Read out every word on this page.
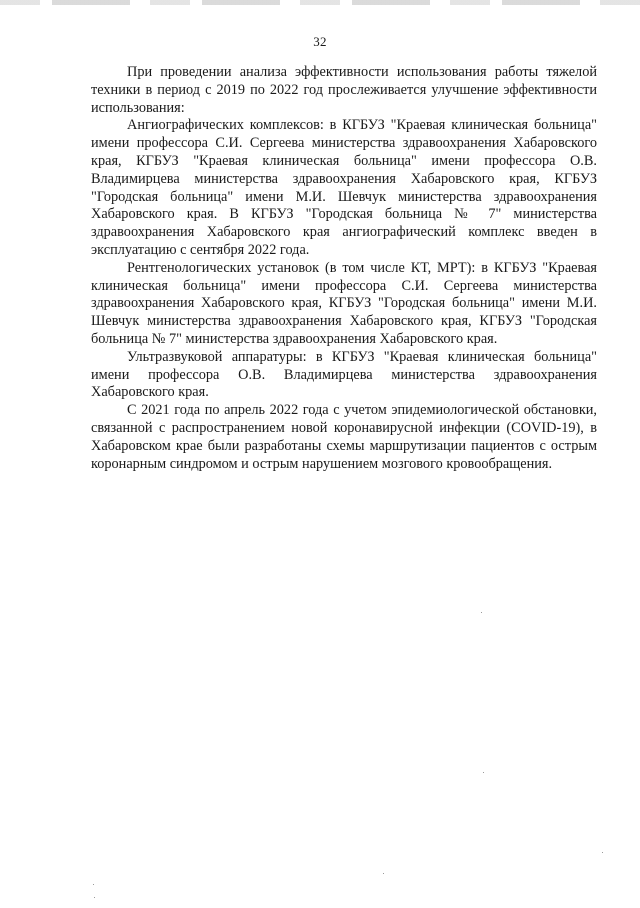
32

При проведении анализа эффективности использования работы тяжелой техники в период с 2019 по 2022 год прослеживается улучшение эффективности использования:

Ангиографических комплексов: в КГБУЗ "Краевая клиническая больница" имени профессора С.И. Сергеева министерства здравоохранения Хабаровского края, КГБУЗ "Краевая клиническая больница" имени профессора О.В. Владимирцева министерства здравоохранения Хабаровского края, КГБУЗ "Городская больница" имени М.И. Шевчук министерства здравоохранения Хабаровского края. В КГБУЗ "Городская больница № 7" министерства здравоохранения Хабаровского края ангиографический комплекс введен в эксплуатацию с сентября 2022 года.

Рентгенологических установок (в том числе КТ, МРТ): в КГБУЗ "Краевая клиническая больница" имени профессора С.И. Сергеева министерства здравоохранения Хабаровского края, КГБУЗ "Городская больница" имени М.И. Шевчук министерства здравоохранения Хабаровского края, КГБУЗ "Городская больница № 7" министерства здравоохранения Хабаровского края.

Ультразвуковой аппаратуры: в КГБУЗ "Краевая клиническая больница" имени профессора О.В. Владимирцева министерства здравоохранения Хабаровского края.

С 2021 года по апрель 2022 года с учетом эпидемиологической обстановки, связанной с распространением новой коронавирусной инфекции (COVID-19), в Хабаровском крае были разработаны схемы маршрутизации пациентов с острым коронарным синдромом и острым нарушением мозгового кровообращения.
